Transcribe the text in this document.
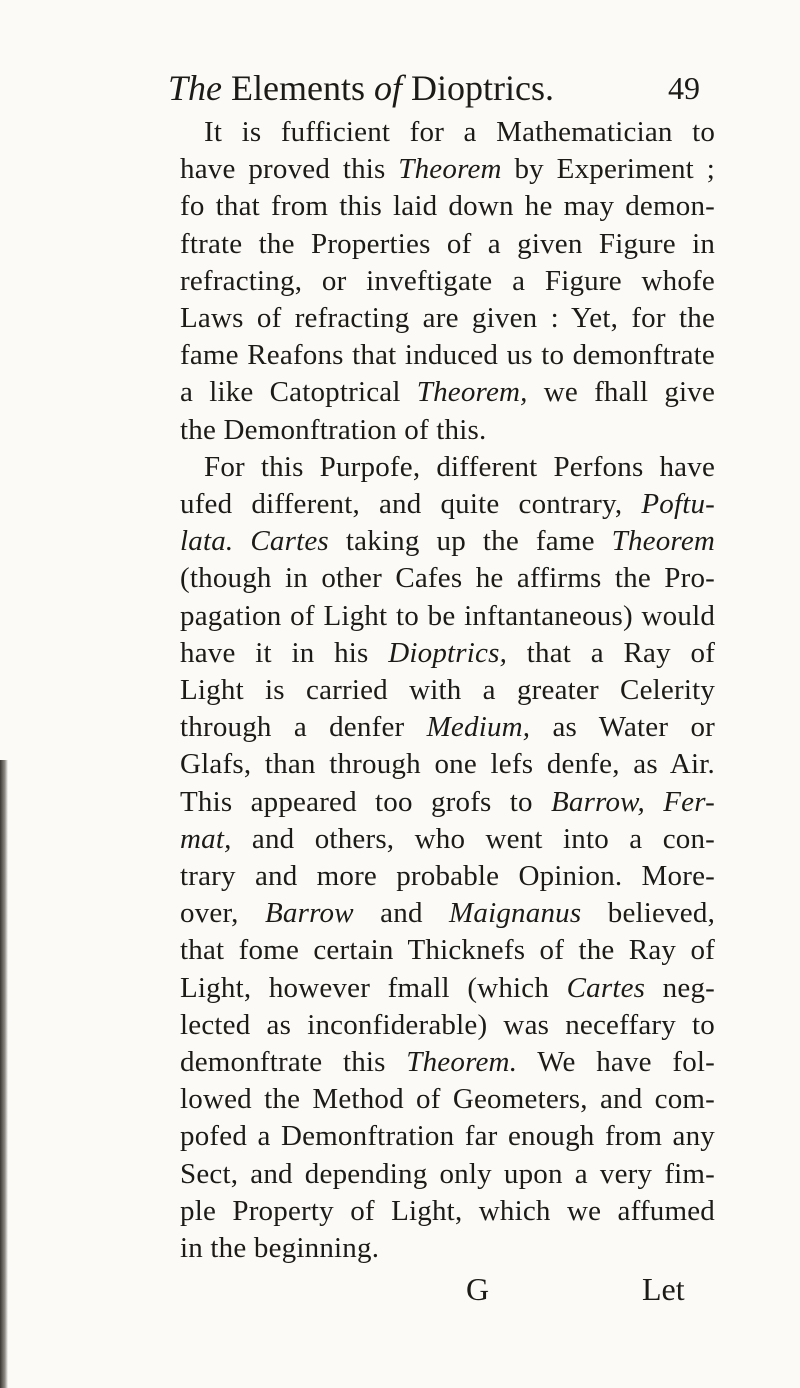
The Elements of Dioptrics.	49
It is fufficient for a Mathematician to
have proved this Theorem by Experiment ;
fo that from this laid down he may demon-
ftrate the Properties of a given Figure in
refracting, or inveftigate a Figure whofe
Laws of refracting are given : Yet, for the
fame Reafons that induced us to demonftrate
a like Catoptrical Theorem, we fhall give
the Demonftration of this.
For this Purpofe, different Perfons have
ufed different, and quite contrary, Poftu-
lata. Cartes taking up the fame Theorem
(though in other Cafes he affirms the Pro-
pagation of Light to be inftantaneous) would
have it in his Dioptrics, that a Ray of
Light is carried with a greater Celerity
through a denfer Medium, as Water or
Glafs, than through one lefs denfe, as Air.
This appeared too grofs to Barrow, Fer-
mat, and others, who went into a con-
trary and more probable Opinion. More-
over, Barrow and Maignanus believed,
that fome certain Thicknefs of the Ray of
Light, however fmall (which Cartes neg-
lected as inconfiderable) was neceffary to
demonftrate this Theorem. We have fol-
lowed the Method of Geometers, and com-
pofed a Demonftration far enough from any
Sect, and depending only upon a very fim-
ple Property of Light, which we affumed
in the beginning.
G	Let
